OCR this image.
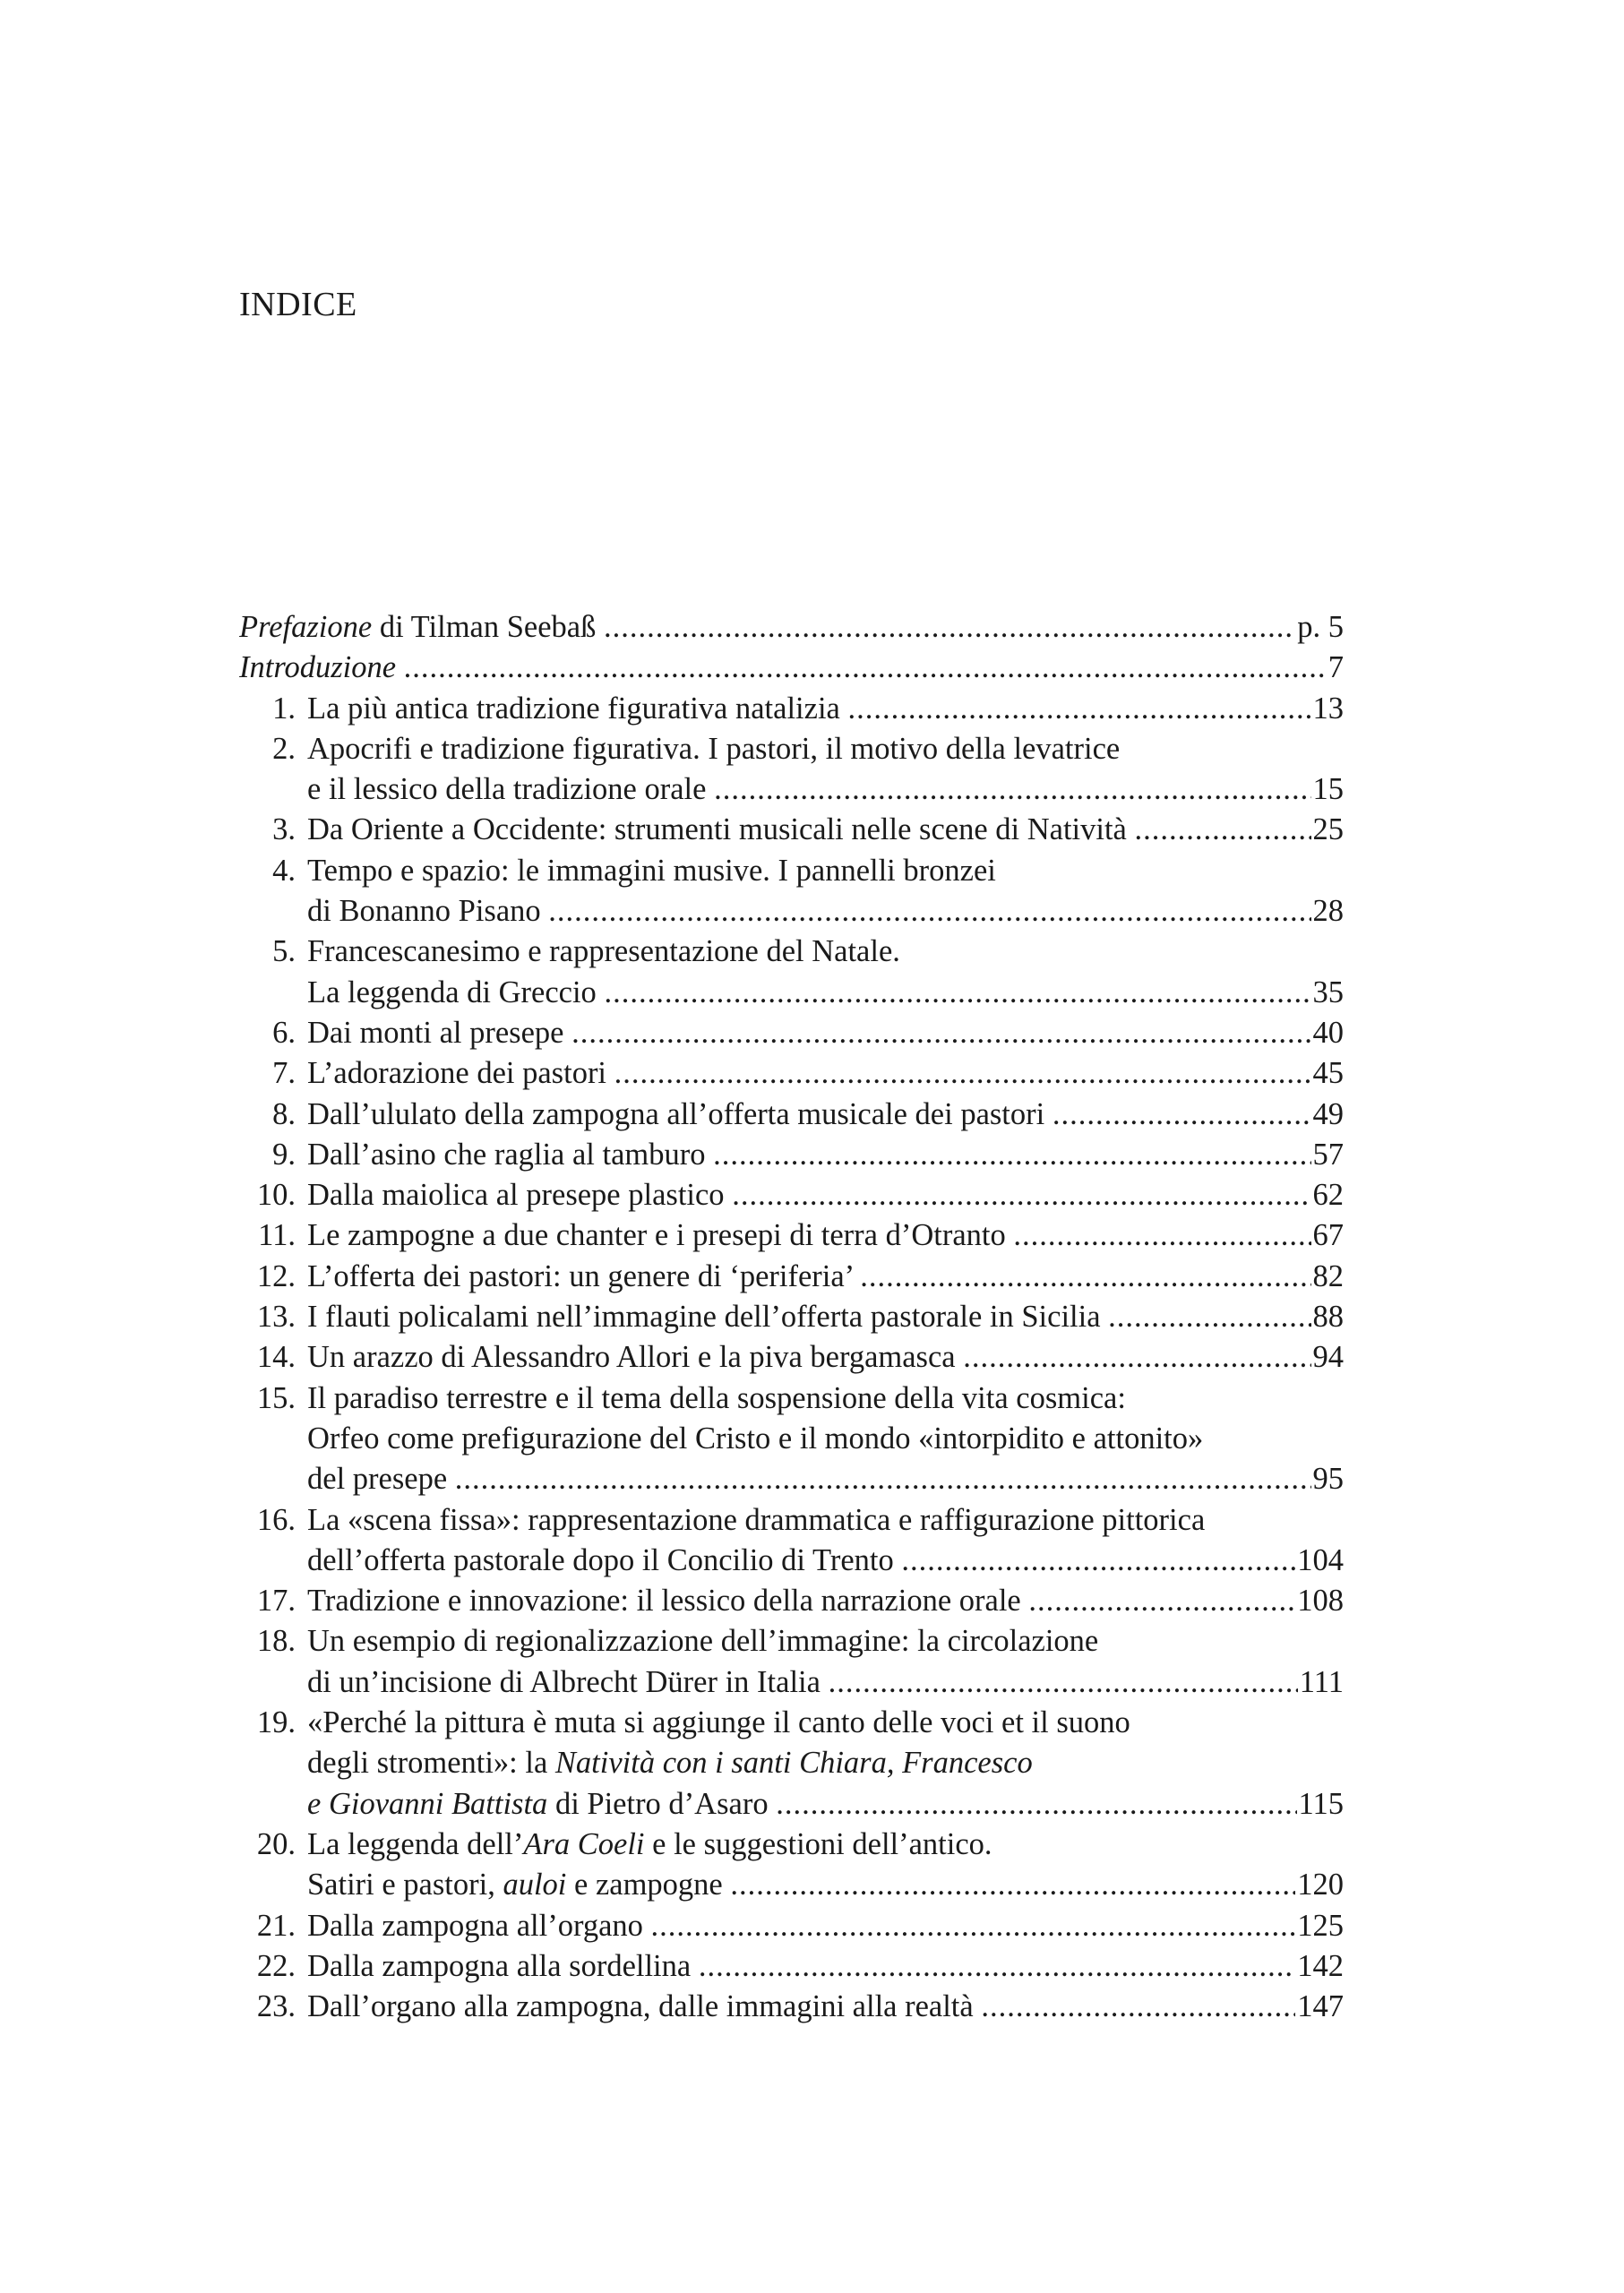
INDICE
Prefazione di Tilman Seebaß .....	p. 5
Introduzione .....	7
1. La più antica tradizione figurativa natalizia .....	13
2. Apocrifi e tradizione figurativa. I pastori, il motivo della levatrice
e il lessico della tradizione orale .....	15
3. Da Oriente a Occidente: strumenti musicali nelle scene di Natività .....	25
4. Tempo e spazio: le immagini musive. I pannelli bronzei
di Bonanno Pisano .....	28
5. Francescanesimo e rappresentazione del Natale.
La leggenda di Greccio .....	35
6. Dai monti al presepe .....	40
7. L’adorazione dei pastori .....	45
8. Dall’ululato della zampogna all’offerta musicale dei pastori .....	49
9. Dall’asino che raglia al tamburo .....	57
10. Dalla maiolica al presepe plastico .....	62
11. Le zampogne a due chanter e i presepi di terra d’Otranto .....	67
12. L’offerta dei pastori: un genere di ‘periferia’ .....	82
13. I flauti policalami nell’immagine dell’offerta pastorale in Sicilia .....	88
14. Un arazzo di Alessandro Allori e la piva bergamasca .....	94
15. Il paradiso terrestre e il tema della sospensione della vita cosmica:
Orfeo come prefigurazione del Cristo e il mondo «intorpidito e attonito»
del presepe .....	95
16. La «scena fissa»: rappresentazione drammatica e raffigurazione pittorica
dell’offerta pastorale dopo il Concilio di Trento .....	104
17. Tradizione e innovazione: il lessico della narrazione orale .....	108
18. Un esempio di regionalizzazione dell’immagine: la circolazione
di un’incisione di Albrecht Dürer in Italia .....	111
19. «Perché la pittura è muta si aggiunge il canto delle voci et il suono
degli stromenti»: la Natività con i santi Chiara, Francesco
e Giovanni Battista di Pietro d’Asaro .....	115
20. La leggenda dell’Ara Coeli e le suggestioni dell’antico.
Satiri e pastori, auloi e zampogne .....	120
21. Dalla zampogna all’organo .....	125
22. Dalla zampogna alla sordellina .....	142
23. Dall’organo alla zampogna, dalle immagini alla realtà .....	147
